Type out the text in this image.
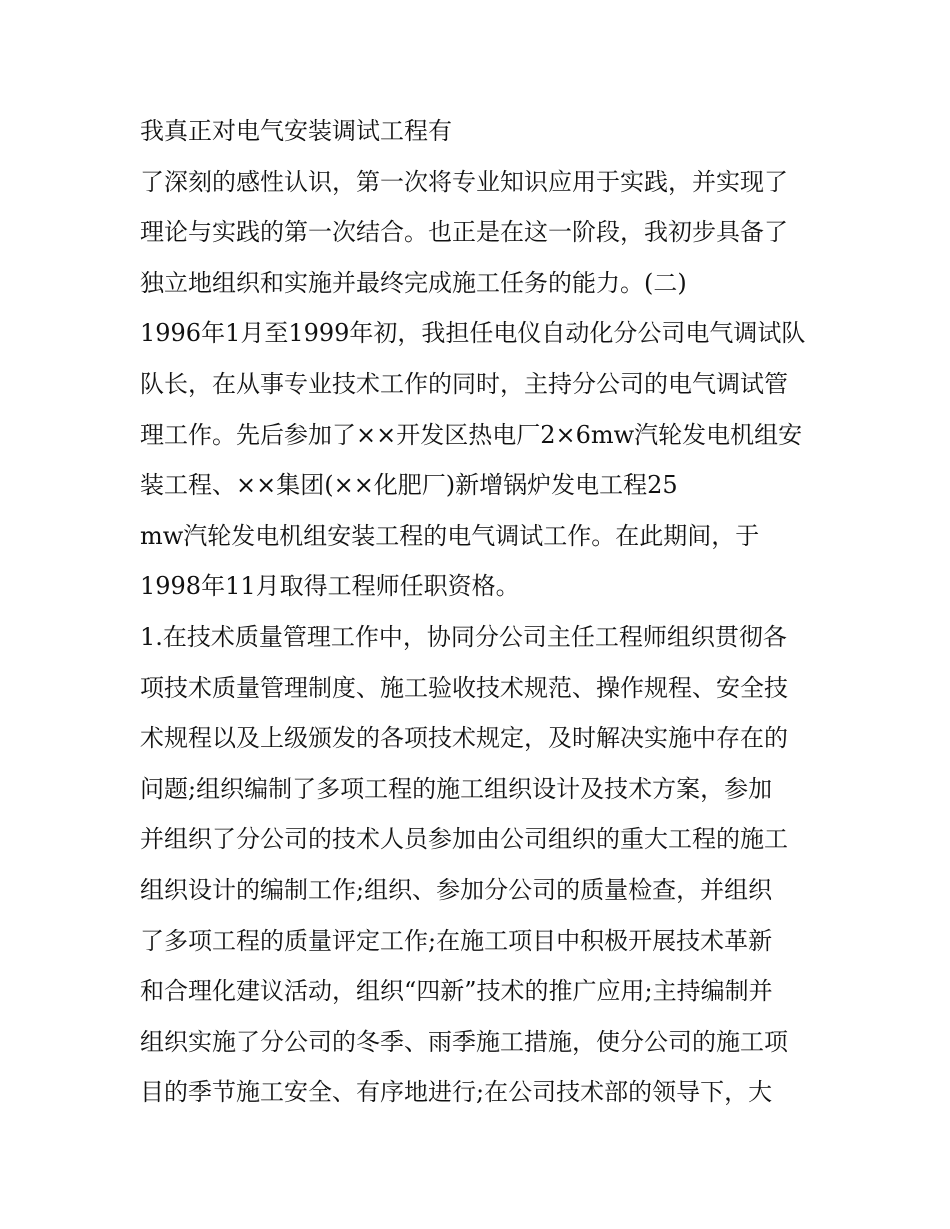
我真正对电气安装调试工程有
了深刻的感性认识，第一次将专业知识应用于实践，并实现了
理论与实践的第一次结合。也正是在这一阶段，我初步具备了
独立地组织和实施并最终完成施工任务的能力。(二)
1996年1月至1999年初，我担任电仪自动化分公司电气调试队
队长，在从事专业技术工作的同时，主持分公司的电气调试管
理工作。先后参加了××开发区热电厂2×6mw汽轮发电机组安
装工程、××集团(××化肥厂)新增锅炉发电工程25
mw汽轮发电机组安装工程的电气调试工作。在此期间，于
1998年11月取得工程师任职资格。
1.在技术质量管理工作中，协同分公司主任工程师组织贯彻各
项技术质量管理制度、施工验收技术规范、操作规程、安全技
术规程以及上级颁发的各项技术规定，及时解决实施中存在的
问题;组织编制了多项工程的施工组织设计及技术方案，参加
并组织了分公司的技术人员参加由公司组织的重大工程的施工
组织设计的编制工作;组织、参加分公司的质量检查，并组织
了多项工程的质量评定工作;在施工项目中积极开展技术革新
和合理化建议活动，组织“四新”技术的推广应用;主持编制并
组织实施了分公司的冬季、雨季施工措施，使分公司的施工项
目的季节施工安全、有序地进行;在公司技术部的领导下，大
